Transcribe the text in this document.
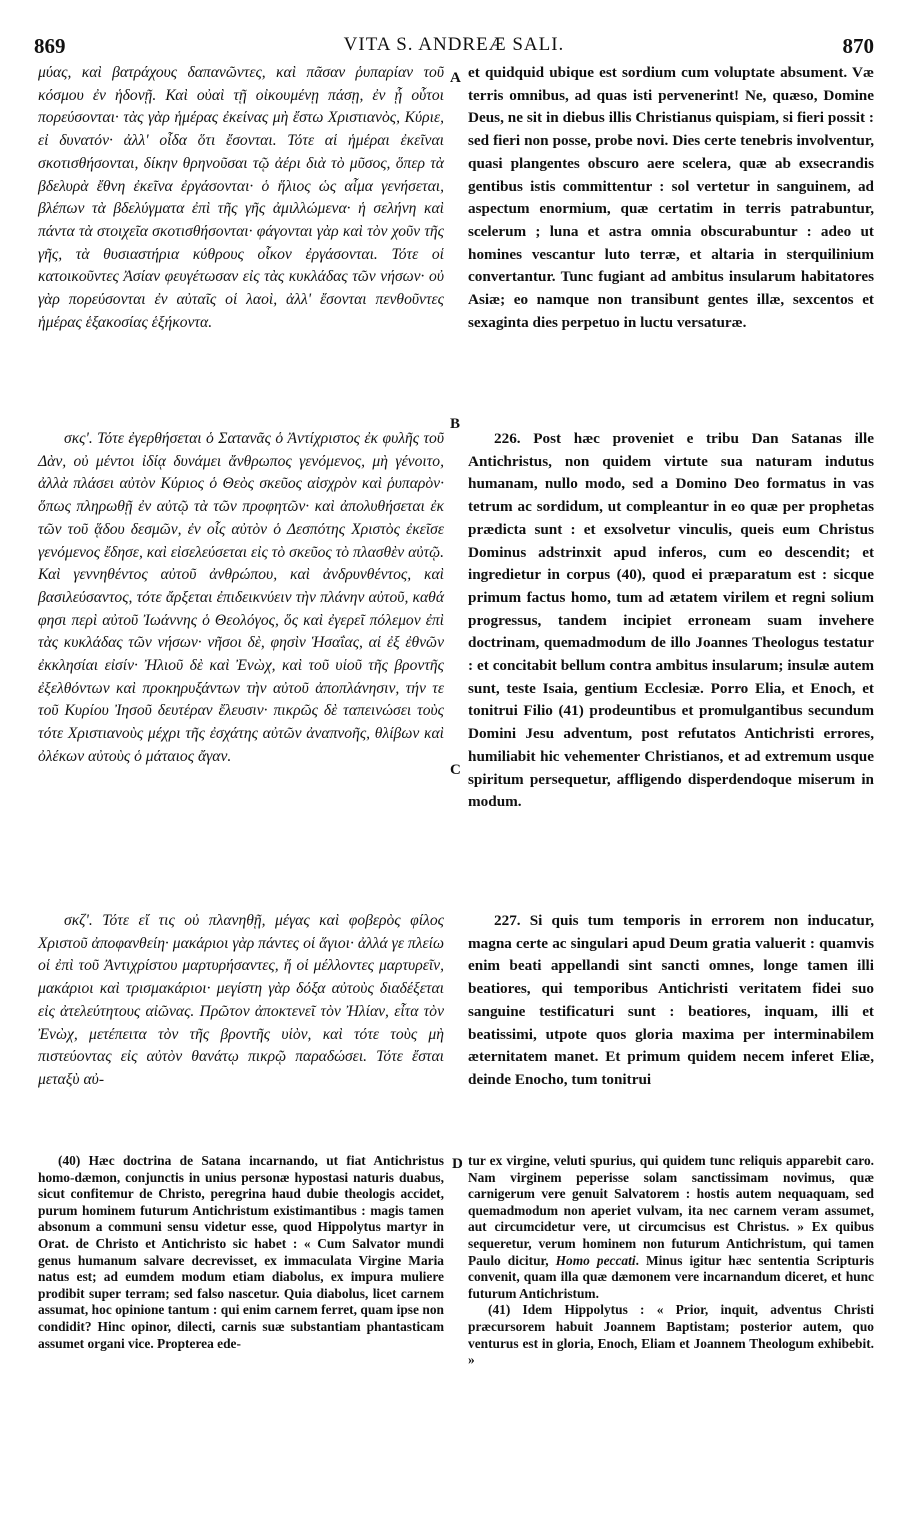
869	VITA S. ANDREÆ SALI.	870
A
B
C
D

μύας, καὶ βατράχους δαπανῶντες, καὶ πᾶσαν ῥυπαρίαν τοῦ κόσμου ἐν ἡδονῇ. Καὶ οὐαὶ τῇ οἰκουμένῃ πάσῃ, ἐν ᾗ οὗτοι πορεύσονται· τὰς γὰρ ἡμέρας ἐκείνας μὴ ἔστω Χριστιανὸς, Κύριε, εἰ δυνατόν· ἀλλ' οἶδα ὅτι ἔσονται. Τότε αἱ ἡμέραι ἐκεῖναι σκοτισθήσονται, δίκην θρηνοῦσαι τῷ ἀέρι διὰ τὸ μῦσος, ὅπερ τὰ βδελυρὰ ἔθνη ἐκεῖνα ἐργάσονται· ὁ ἥλιος ὡς αἷμα γενήσεται, βλέπων τὰ βδελύγματα ἐπὶ τῆς γῆς ἀμιλλώμενα· ἡ σελήνη καὶ πάντα τὰ στοιχεῖα σκοτισθήσονται· φάγονται γὰρ καὶ τὸν χοῦν τῆς γῆς, τὰ θυσιαστήρια κύθρους οἶκον ἐργάσονται. Τότε οἱ κατοικοῦντες Ἀσίαν φευγέτωσαν εἰς τὰς κυκλάδας τῶν νήσων· οὐ γὰρ πορεύσονται ἐν αὐταῖς οἱ λαοὶ, ἀλλ' ἔσονται πενθοῦντες ἡμέρας ἑξακοσίας ἑξήκοντα.

σκς'. Τότε ἐγερθήσεται ὁ Σατανᾶς ὁ Ἀντίχριστος ἐκ φυλῆς τοῦ Δὰν, οὐ μέντοι ἰδίᾳ δυνάμει ἄνθρωπος γενόμενος, μὴ γένοιτο, ἀλλὰ πλάσει αὐτὸν Κύριος ὁ Θεὸς σκεῦος αἰσχρὸν καὶ ῥυπαρὸν· ὅπως πληρωθῇ ἐν αὐτῷ τὰ τῶν προφητῶν· καὶ ἀπολυθήσεται ἐκ τῶν τοῦ ᾅδου δεσμῶν, ἐν οἷς αὐτὸν ὁ Δεσπότης Χριστὸς ἐκεῖσε γενόμενος ἔδησε, καὶ εἰσελεύσεται εἰς τὸ σκεῦος τὸ πλασθὲν αὐτῷ. Καὶ γεννηθέντος αὐτοῦ ἀνθρώπου, καὶ ἀνδρυνθέντος, καὶ βασιλεύσαντος, τότε ἄρξεται ἐπιδεικνύειν τὴν πλάνην αὐτοῦ, καθά φησι περὶ αὐτοῦ Ἰωάννης ὁ Θεολόγος, ὅς καὶ ἐγερεῖ πόλεμον ἐπὶ τὰς κυκλάδας τῶν νήσων· νῆσοι δὲ, φησὶν Ἡσαΐας, αἱ ἐξ ἐθνῶν ἐκκλησίαι εἰσίν· Ἠλιοῦ δὲ καὶ Ἐνὼχ, καὶ τοῦ υἱοῦ τῆς βροντῆς ἐξελθόντων καὶ προκηρυξάντων τὴν αὐτοῦ ἀποπλάνησιν, τήν τε τοῦ Κυρίου Ἰησοῦ δευτέραν ἔλευσιν· πικρῶς δὲ ταπεινώσει τοὺς τότε Χριστιανοὺς μέχρι τῆς ἐσχάτης αὐτῶν ἀναπνοῆς, θλίβων καὶ ὀλέκων αὐτοὺς ὁ μάταιος ἄγαν.

σκζ'. Τότε εἴ τις οὐ πλανηθῇ, μέγας καὶ φοβερὸς φίλος Χριστοῦ ἀποφανθείη· μακάριοι γὰρ πάντες οἱ ἅγιοι· ἀλλά γε πλείω οἱ ἐπὶ τοῦ Ἀντιχρίστου μαρτυρήσαντες, ἤ οἱ μέλλοντες μαρτυρεῖν, μακάριοι καὶ τρισμακάριοι· μεγίστη γὰρ δόξα αὐτοὺς διαδέξεται εἰς ἀτελεύτητους αἰῶνας. Πρῶτον ἀποκτενεῖ τὸν Ἠλίαν, εἶτα τὸν Ἐνὼχ, μετέπειτα τὸν τῆς βροντῆς υἱὸν, καὶ τότε τοὺς μὴ πιστεύοντας εἰς αὐτὸν θανάτῳ πικρῷ παραδώσει. Τότε ἔσται μεταξὺ αὐ-

et quidquid ubique est sordium cum voluptate absument. Væ terris omnibus, ad quas isti pervenerint! Ne, quæso, Domine Deus, ne sit in diebus illis Christianus quispiam, si fieri possit : sed fieri non posse, probe novi. Dies certe tenebris involventur, quasi plangentes obscuro aere scelera, quæ ab exsecrandis gentibus istis committentur : sol vertetur in sanguinem, ad aspectum enormium, quæ certatim in terris patrabuntur, scelerum ; luna et astra omnia obscurabuntur : adeo ut homines vescantur luto terræ, et altaria in sterquilinium convertantur. Tunc fugiant ad ambitus insularum habitatores Asiæ; eo namque non transibunt gentes illæ, sexcentos et sexaginta dies perpetuo in luctu versaturæ.

226. Post hæc proveniet e tribu Dan Satanas ille Antichristus, non quidem virtute sua naturam indutus humanam, nullo modo, sed a Domino Deo formatus in vas tetrum ac sordidum, ut compleantur in eo quæ per prophetas prædicta sunt : et exsolvetur vinculis, queis eum Christus Dominus adstrinxit apud inferos, cum eo descendit; et ingredietur in corpus (40), quod ei præparatum est : sicque primum factus homo, tum ad ætatem virilem et regni solium progressus, tandem incipiet erroneam suam invehere doctrinam, quemadmodum de illo Joannes Theologus testatur : et concitabit bellum contra ambitus insularum; insulæ autem sunt, teste Isaia, gentium Ecclesiæ. Porro Elia, et Enoch, et tonitrui Filio (41) prodeuntibus et promulgantibus secundum Domini Jesu adventum, post refutatos Antichristi errores, humiliabit hic vehementer Christianos, et ad extremum usque spiritum persequetur, affligendo disperdendoque miserum in modum.

227. Si quis tum temporis in errorem non inducatur, magna certe ac singulari apud Deum gratia valuerit : quamvis enim beati appellandi sint sancti omnes, longe tamen illi beatiores, qui temporibus Antichristi veritatem fidei suo sanguine testificaturi sunt : beatiores, inquam, illi et beatissimi, utpote quos gloria maxima per interminabilem æternitatem manet. Et primum quidem necem inferet Eliæ, deinde Enocho, tum tonitrui

(40) Hæc doctrina de Satana incarnando, ut fiat Antichristus homo-dæmon, conjunctis in unius personæ hypostasi naturis duabus, sicut confitemur de Christo, peregrina haud dubie theologis accidet, purum hominem futurum Antichristum existimantibus : magis tamen absonum a communi sensu videtur esse, quod Hippolytus martyr in Orat. de Christo et Antichristo sic habet : « Cum Salvator mundi genus humanum salvare decrevisset, ex immaculata Virgine Maria natus est; ad eumdem modum etiam diabolus, ex impura muliere prodibit super terram; sed falso nascetur. Quia diabolus, licet carnem assumat, hoc opinione tantum : qui enim carnem ferret, quam ipse non condidit? Hinc opinor, dilecti, carnis suæ substantiam phantasticam assumet organi vice. Propterea ede-

tur ex virgine, veluti spurius, qui quidem tunc reliquis apparebit caro. Nam virginem peperisse solam sanctissimam novimus, quæ carnigerum vere genuit Salvatorem : hostis autem nequaquam, sed quemadmodum non aperiet vulvam, ita nec carnem veram assumet, aut circumcidetur vere, ut circumcisus est Christus. » Ex quibus sequeretur, verum hominem non futurum Antichristum, qui tamen Paulo dicitur, Homo peccati. Minus igitur hæc sententia Scripturis convenit, quam illa quæ dæmonem vere incarnandum diceret, et hunc futurum Antichristum.

(41) Idem Hippolytus : « Prior, inquit, adventus Christi præcursorem habuit Joannem Baptistam; posterior autem, quo venturus est in gloria, Enoch, Eliam et Joannem Theologum exhibebit. »
